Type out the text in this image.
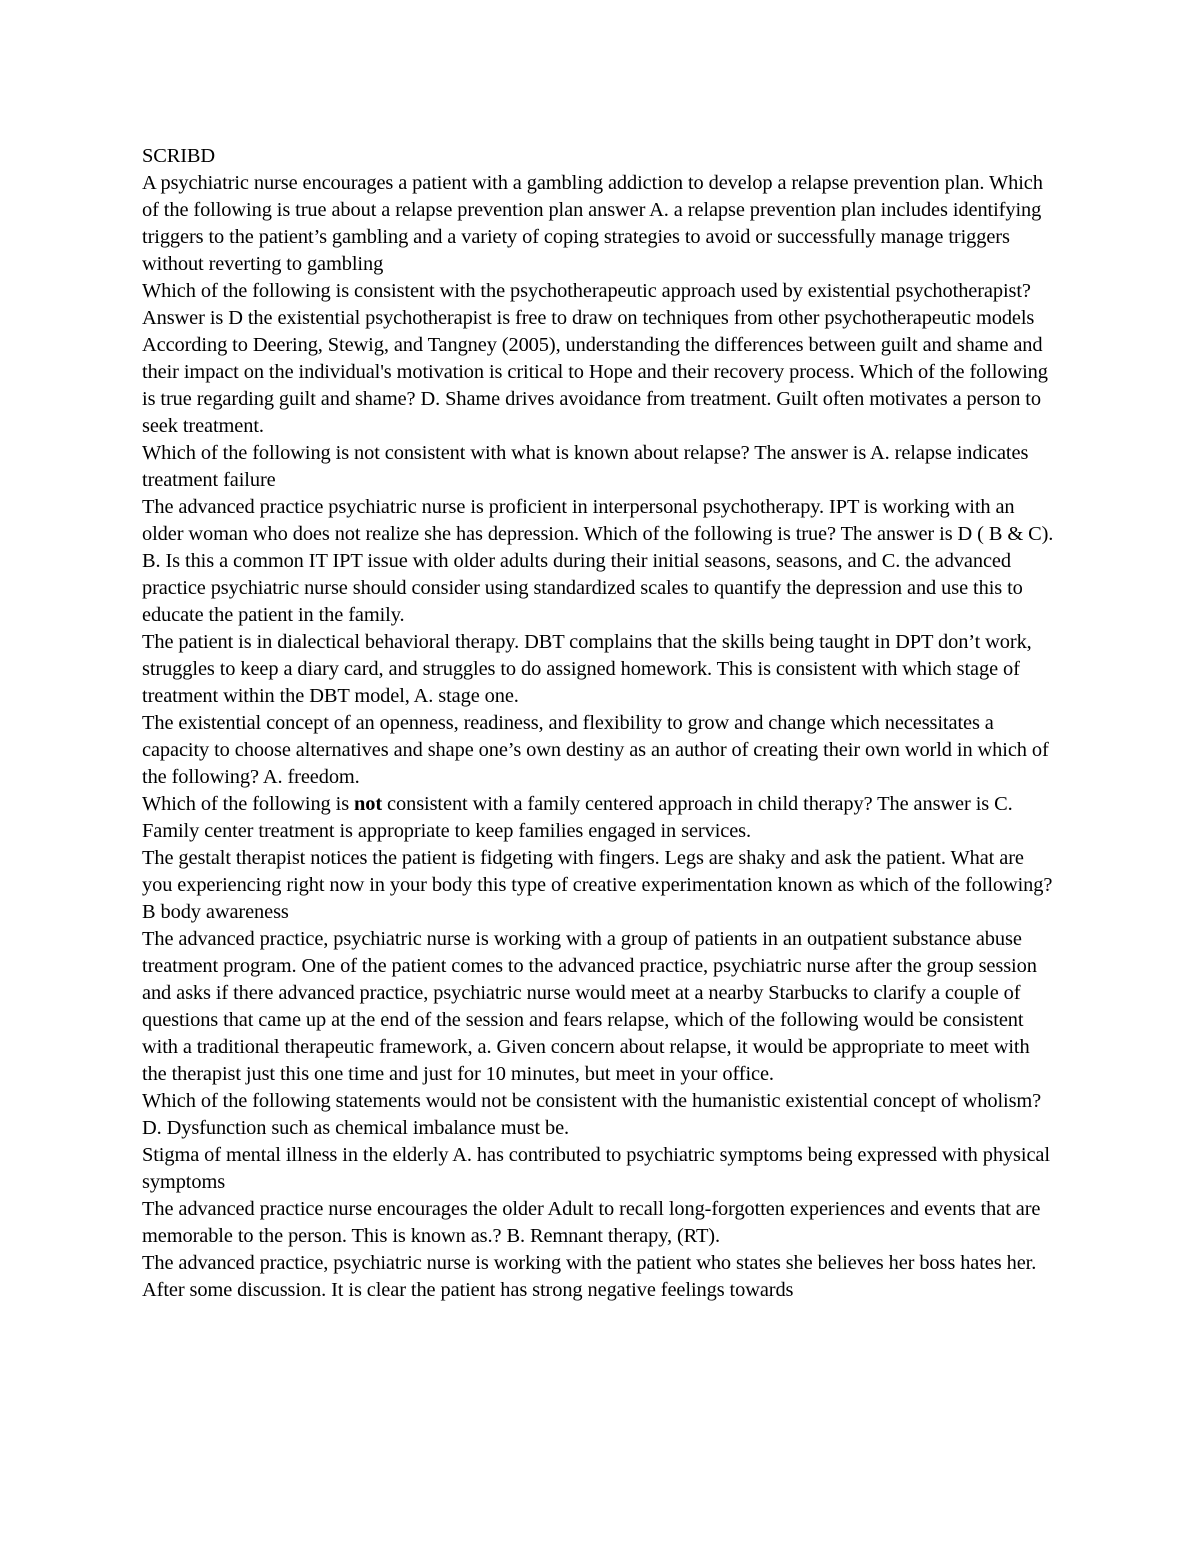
SCRIBD

A psychiatric nurse encourages a patient with a gambling addiction to develop a relapse prevention plan. Which of the following is true about a relapse prevention plan answer A. a relapse prevention plan includes identifying triggers to the patient’s gambling and a variety of coping strategies to avoid or successfully manage triggers without reverting to gambling

Which of the following is consistent with the psychotherapeutic approach used by existential psychotherapist? Answer is D the existential psychotherapist is free to draw on techniques from other psychotherapeutic models

According to Deering, Stewig, and Tangney (2005), understanding the differences between guilt and shame and their impact on the individual's motivation is critical to Hope and their recovery process. Which of the following is true regarding guilt and shame? D. Shame drives avoidance from treatment. Guilt often motivates a person to seek treatment.

Which of the following is not consistent with what is known about relapse? The answer is A. relapse indicates treatment failure

The advanced practice psychiatric nurse is proficient in interpersonal psychotherapy. IPT is working with an older woman who does not realize she has depression. Which of the following is true? The answer is D ( B & C). B. Is this a common IT IPT issue with older adults during their initial seasons, seasons, and C. the advanced practice psychiatric nurse should consider using standardized scales to quantify the depression and use this to educate the patient in the family.

The patient is in dialectical behavioral therapy. DBT complains that the skills being taught in DPT don’t work, struggles to keep a diary card, and struggles to do assigned homework. This is consistent with which stage of treatment within the DBT model, A. stage one.

The existential concept of an openness, readiness, and flexibility to grow and change which necessitates a capacity to choose alternatives and shape one’s own destiny as an author of creating their own world in which of the following? A. freedom.

Which of the following is not consistent with a family centered approach in child therapy? The answer is C. Family center treatment is appropriate to keep families engaged in services.

The gestalt therapist notices the patient is fidgeting with fingers. Legs are shaky and ask the patient. What are you experiencing right now in your body this type of creative experimentation known as which of the following? B body awareness

The advanced practice, psychiatric nurse is working with a group of patients in an outpatient substance abuse treatment program. One of the patient comes to the advanced practice, psychiatric nurse after the group session and asks if there advanced practice, psychiatric nurse would meet at a nearby Starbucks to clarify a couple of questions that came up at the end of the session and fears relapse, which of the following would be consistent with a traditional therapeutic framework, a. Given concern about relapse, it would be appropriate to meet with the therapist just this one time and just for 10 minutes, but meet in your office.

Which of the following statements would not be consistent with the humanistic existential concept of wholism? D. Dysfunction such as chemical imbalance must be.

Stigma of mental illness in the elderly A. has contributed to psychiatric symptoms being expressed with physical symptoms

The advanced practice nurse encourages the older Adult to recall long-forgotten experiences and events that are memorable to the person. This is known as.? B. Remnant therapy, (RT).

The advanced practice, psychiatric nurse is working with the patient who states she believes her boss hates her. After some discussion. It is clear the patient has strong negative feelings towards
